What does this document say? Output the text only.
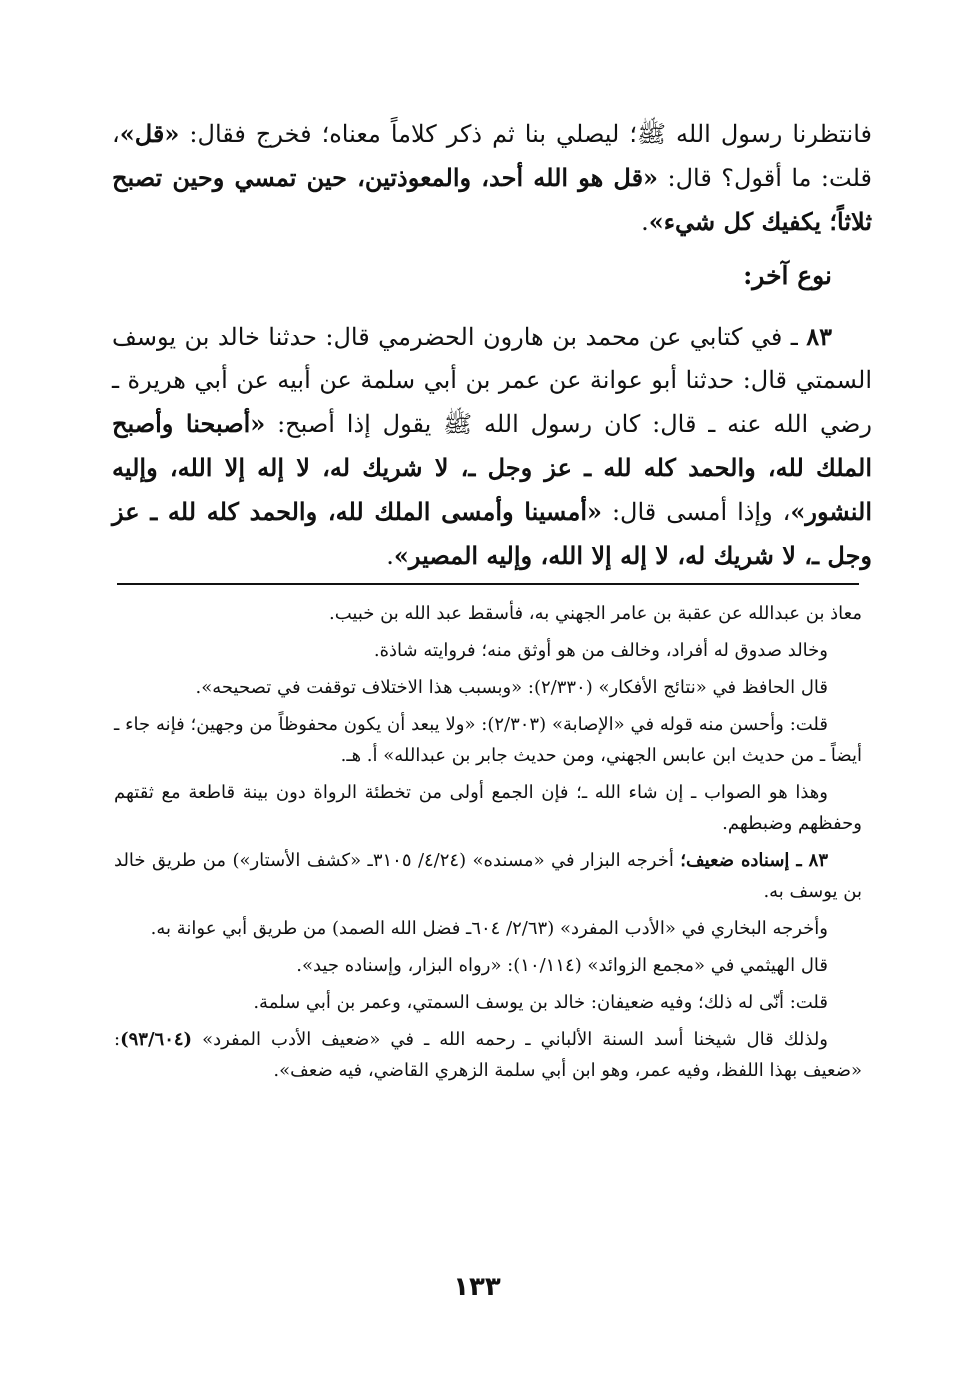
فانتظرنا رسول الله ﷺ؛ ليصلي بنا ثم ذكر كلاماً معناه؛ فخرج فقال: «قل»، قلت: ما أقول؟ قال: «قل هو الله أحد، والمعوذتين، حين تمسي وحين تصبح ثلاثاً؛ يكفيك كل شيء».

نوع آخر:

٨٣ ـ في كتابي عن محمد بن هارون الحضرمي قال: حدثنا خالد بن يوسف السمتي قال: حدثنا أبو عوانة عن عمر بن أبي سلمة عن أبيه عن أبي هريرة ـ رضي الله عنه ـ قال: كان رسول الله ﷺ يقول إذا أصبح: «أصبحنا وأصبح الملك لله، والحمد كله لله ـ عز وجل ـ، لا شريك له، لا إله إلا الله، وإليه النشور»، وإذا أمسى قال: «أمسينا وأمسى الملك لله، والحمد كله لله ـ عز وجل ـ، لا شريك له، لا إله إلا الله، وإليه المصير».

معاذ بن عبدالله عن عقبة بن عامر الجهني به، فأسقط عبد الله بن خبيب.

وخالد صدوق له أفراد، وخالف من هو أوثق منه؛ فروايته شاذة.

قال الحافظ في «نتائج الأفكار» (٢/٣٣٠): «وبسبب هذا الاختلاف توقفت في تصحيحه».

قلت: وأحسن منه قوله في «الإصابة» (٢/٣٠٣): «ولا يبعد أن يكون محفوظاً من وجهين؛ فإنه جاء ـ أيضاً ـ من حديث ابن عابس الجهني، ومن حديث جابر بن عبدالله» أ. هـ.

وهذا هو الصواب ـ إن شاء الله ـ؛ فإن الجمع أولى من تخطئة الرواة دون بينة قاطعة مع ثقتهم وحفظهم وضبطهم.

٨٣ ـ إسناده ضعيف؛ أخرجه البزار في «مسنده» (٤/٢٤/ ٣١٠٥ـ «كشف الأستار») من طريق خالد بن يوسف به.

وأخرجه البخاري في «الأدب المفرد» (٢/٦٣/ ٦٠٤ـ فضل الله الصمد) من طريق أبي عوانة به.

قال الهيثمي في «مجمع الزوائد» (١٠/١١٤): «رواه البزار، وإسناده جيد».

قلت: أنّى له ذلك؛ وفيه ضعيفان: خالد بن يوسف السمتي، وعمر بن أبي سلمة.

ولذلك قال شيخنا أسد السنة الألباني ـ رحمه الله ـ في «ضعيف الأدب المفرد» (٩٣/٦٠٤): «ضعيف بهذا اللفظ، وفيه عمر، وهو ابن أبي سلمة الزهري القاضي، فيه ضعف».

١٣٣
